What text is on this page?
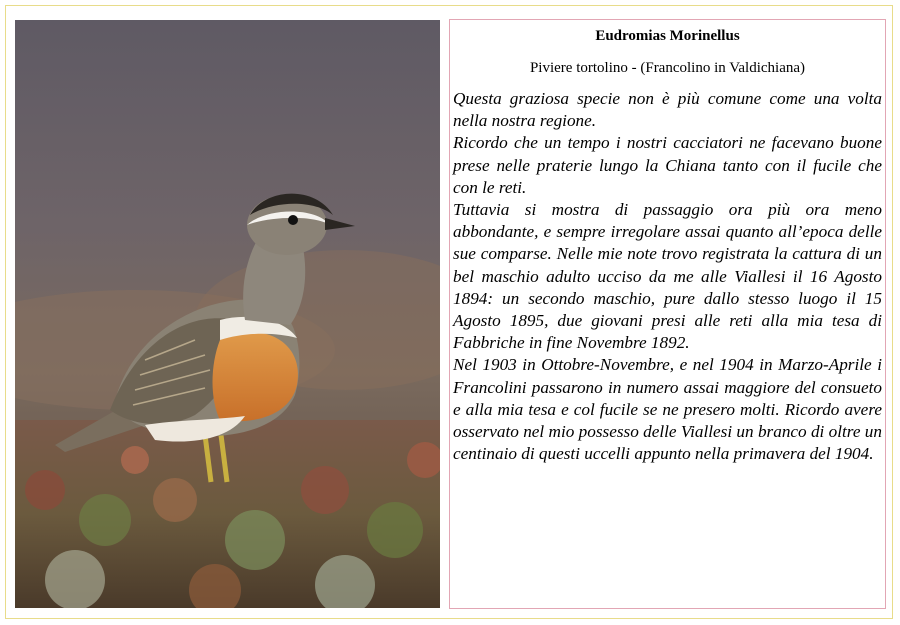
Eudromias Morinellus

Piviere tortolino - (Francolino in Valdichiana)

Questa graziosa specie non è più comune come una volta nella nostra regione.

Ricordo che un tempo i nostri cacciatori ne facevano buone prese nelle praterie lungo la Chiana tanto con il fucile che con le reti.

Tuttavia si mostra di passaggio ora più ora meno abbondante, e sempre irregolare assai quanto all’epoca delle sue comparse. Nelle mie note trovo registrata la cattura di un bel maschio adulto ucciso da me alle Viallesi il 16 Agosto 1894: un secondo maschio, pure dallo stesso luogo il 15 Agosto 1895, due giovani presi alle reti alla mia tesa di Fabbriche in fine Novembre 1892.

Nel 1903 in Ottobre-Novembre, e nel 1904 in Marzo-Aprile i Francolini passarono in numero assai maggiore del consueto e alla mia tesa e col fucile se ne presero molti. Ricordo avere osservato nel mio possesso delle Viallesi un branco di oltre un centinaio di questi uccelli appunto nella primavera del 1904.
